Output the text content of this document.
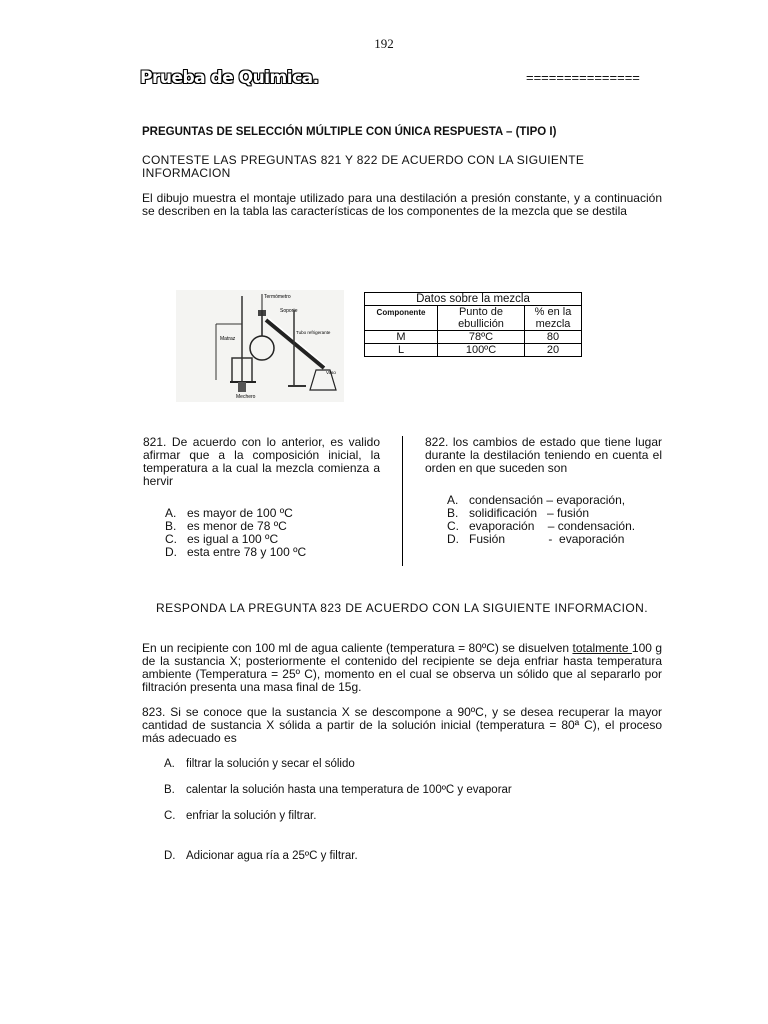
192
Prueba de Quimica.	===============
PREGUNTAS DE SELECCIÓN MÚLTIPLE CON ÚNICA RESPUESTA – (TIPO I)
CONTESTE LAS PREGUNTAS 821 Y 822 DE ACUERDO CON LA SIGUIENTE INFORMACION
El dibujo muestra el montaje utilizado para una destilación a presión constante, y a continuación se describen en la tabla las características de los componentes de la mezcla que se destila
Termómetro
Soporte
Tubo refrigerante
Matraz
Mechero
Vaso
Datos sobre la mezcla		
Componente	Punto de ebullición	% en la mezcla
M	78ºC	80
L	100ºC	20
821. De acuerdo con lo anterior, es valido afirmar que a la composición inicial, la temperatura a la cual la mezcla comienza a hervir
A. es mayor de 100 ºC
B. es menor de 78 ºC
C. es igual a 100 ºC
D. esta entre 78 y 100 ºC
822. los cambios de estado que tiene lugar durante la destilación teniendo en cuenta el orden en que suceden son
A. condensación – evaporación,
B. solidificación   – fusión
C. evaporación    – condensación.
D. Fusión             -  evaporación
RESPONDA LA PREGUNTA 823 DE ACUERDO CON LA SIGUIENTE INFORMACION.
En un recipiente con 100 ml de agua caliente (temperatura = 80ºC) se disuelven totalmente 100 g de la sustancia X; posteriormente el contenido del recipiente se deja enfriar hasta temperatura ambiente (Temperatura = 25º C), momento en el cual se observa un sólido que al separarlo por filtración presenta una masa final de 15g.
823. Si se conoce que la sustancia X se descompone a 90ºC, y se desea recuperar la mayor cantidad de sustancia X sólida a partir de la solución inicial (temperatura = 80ª C), el proceso más adecuado es
A. filtrar la solución y secar el sólido
B. calentar la solución hasta una temperatura de 100ºC y evaporar
C. enfriar la solución y filtrar.
D. Adicionar agua ría a 25ºC y filtrar.
